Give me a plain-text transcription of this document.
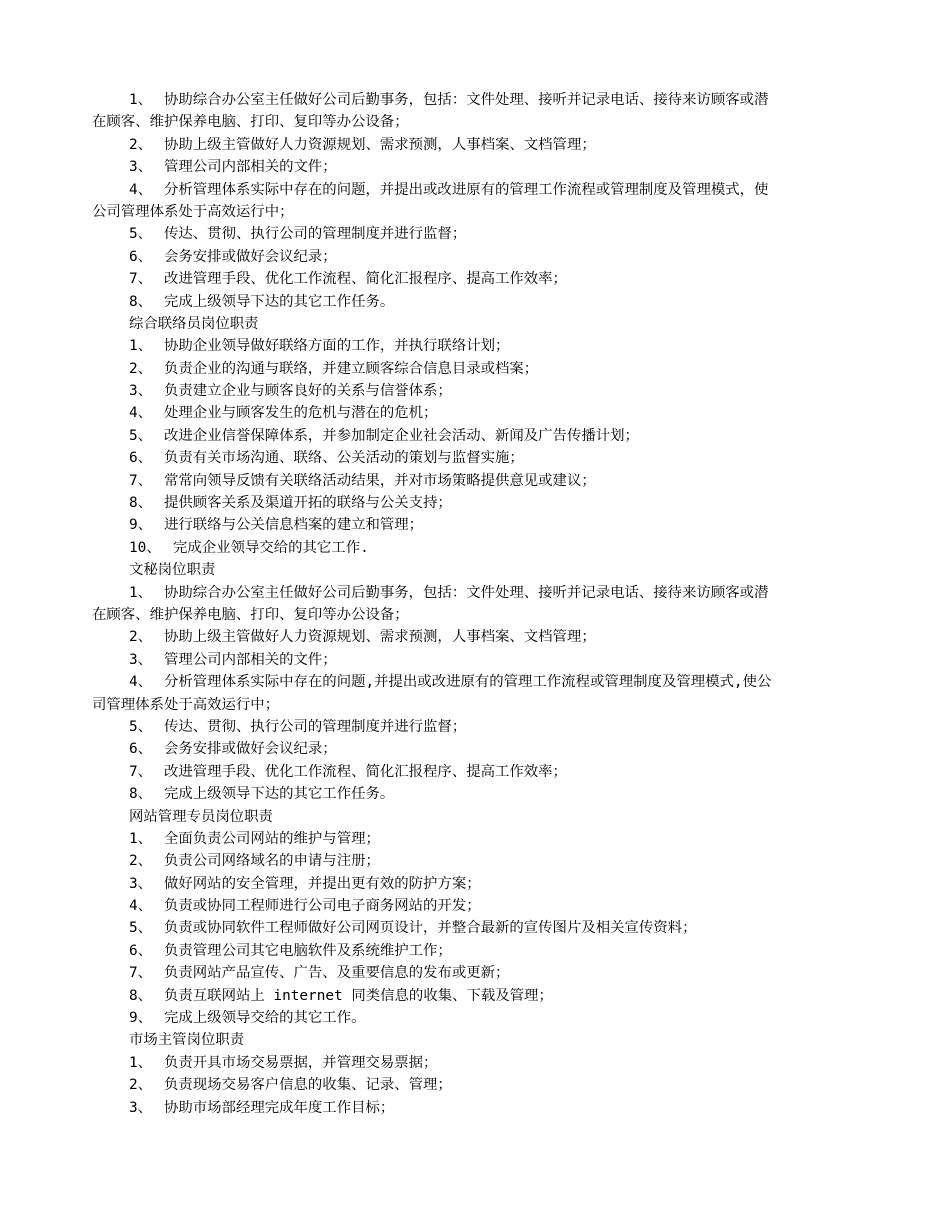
1、 协助综合办公室主任做好公司后勤事务，包括：文件处理、接听并记录电话、接待来访顾客或潜
在顾客、维护保养电脑、打印、复印等办公设备；
2、 协助上级主管做好人力资源规划、需求预测，人事档案、文档管理；
3、 管理公司内部相关的文件；
4、 分析管理体系实际中存在的问题，并提出或改进原有的管理工作流程或管理制度及管理模式，使
公司管理体系处于高效运行中；
5、 传达、贯彻、执行公司的管理制度并进行监督；
6、 会务安排或做好会议纪录；
7、 改进管理手段、优化工作流程、简化汇报程序、提高工作效率；
8、 完成上级领导下达的其它工作任务。
综合联络员岗位职责
1、 协助企业领导做好联络方面的工作，并执行联络计划；
2、 负责企业的沟通与联络，并建立顾客综合信息目录或档案；
3、 负责建立企业与顾客良好的关系与信誉体系；
4、 处理企业与顾客发生的危机与潜在的危机；
5、 改进企业信誉保障体系，并参加制定企业社会活动、新闻及广告传播计划；
6、 负责有关市场沟通、联络、公关活动的策划与监督实施；
7、 常常向领导反馈有关联络活动结果，并对市场策略提供意见或建议；
8、 提供顾客关系及渠道开拓的联络与公关支持；
9、 进行联络与公关信息档案的建立和管理；
10、 完成企业领导交给的其它工作.
文秘岗位职责
1、 协助综合办公室主任做好公司后勤事务，包括：文件处理、接听并记录电话、接待来访顾客或潜
在顾客、维护保养电脑、打印、复印等办公设备；
2、 协助上级主管做好人力资源规划、需求预测，人事档案、文档管理；
3、 管理公司内部相关的文件；
4、 分析管理体系实际中存在的问题,并提出或改进原有的管理工作流程或管理制度及管理模式,使公
司管理体系处于高效运行中；
5、 传达、贯彻、执行公司的管理制度并进行监督；
6、 会务安排或做好会议纪录；
7、 改进管理手段、优化工作流程、简化汇报程序、提高工作效率；
8、 完成上级领导下达的其它工作任务。
网站管理专员岗位职责
1、 全面负责公司网站的维护与管理；
2、 负责公司网络域名的申请与注册；
3、 做好网站的安全管理，并提出更有效的防护方案；
4、 负责或协同工程师进行公司电子商务网站的开发；
5、 负责或协同软件工程师做好公司网页设计，并整合最新的宣传图片及相关宣传资料；
6、 负责管理公司其它电脑软件及系统维护工作；
7、 负责网站产品宣传、广告、及重要信息的发布或更新；
8、 负责互联网站上 internet 同类信息的收集、下载及管理；
9、 完成上级领导交给的其它工作。
市场主管岗位职责
1、 负责开具市场交易票据，并管理交易票据；
2、 负责现场交易客户信息的收集、记录、管理；
3、 协助市场部经理完成年度工作目标；
